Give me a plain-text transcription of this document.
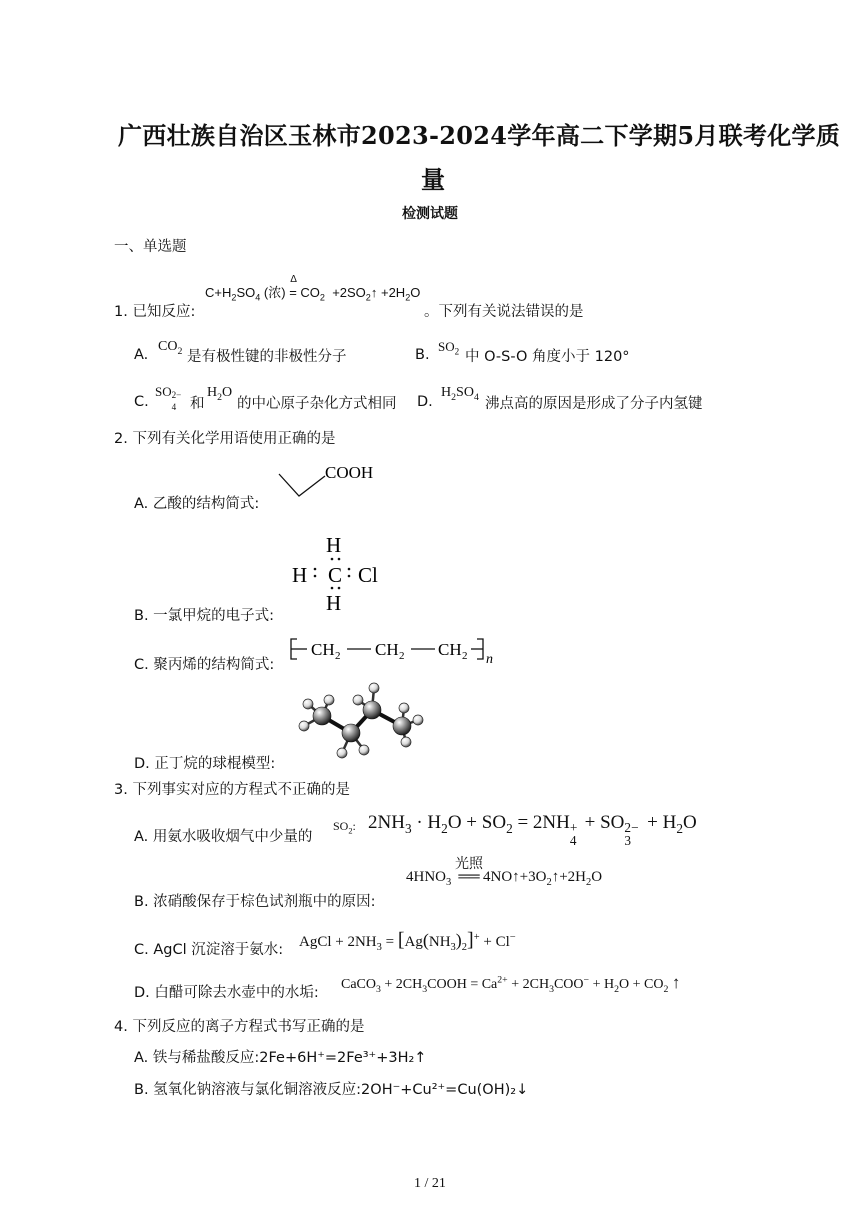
广西壮族自治区玉林市2023-2024学年高二下学期5月联考化学质
量
检测试题
一、单选题
$C+H_2SO_4$ (浓) =
Δ
$CO_2$  $+2SO_2↑ +2H_2O$
1. 已知反应:	。下列有关说法错误的是
A.
$CO_2$ 是有极性键的非极性分子	B.
$SO_2$ 中 O-S-O 角度小于 120°
C.
SO 2−
4 和
$H_2O$
的中心原子杂化方式相同 D.
$H_2SO_4$ 沸点高的原因是形成了分子内氢键
2. 下列有关化学用语使用正确的是
A. 乙酸的结构简式:
COOH
H
H C Cl
H
B. 一氯甲烷的电子式:
C. 聚丙烯的结构简式:
CH 2 CH 2 CH 2 n
D. 正丁烷的球棍模型:
3. 下列事实对应的方程式不正确的是
A. 用氨水吸收烟气中少量的
$SO_2$: $2NH_3 \cdot H_2O + SO_2 = 2NH$ +
4
+ SO 2−
3
+ $H_2O$
$4HNO_3$
光照
══ $4NO↑+3O_2↑+2H_2O$
B. 浓硝酸保存于棕色试剂瓶中的原因:
C. AgCl 沉淀溶于氨水: AgCl + $2NH_3 = [Ag(NH_3)_2]^+ + Cl^-$
D. 白醋可除去水壶中的水垢:
CaCO$_3$ + $2CH_3COOH = Ca^{2+} + 2CH_3COO^- + H_2O + CO_2$ ↑
4. 下列反应的离子方程式书写正确的是
A. 铁与稀盐酸反应:2Fe+6H⁺=2Fe³⁺+3H₂↑
B. 氢氧化钠溶液与氯化铜溶液反应:2OH⁻+Cu²⁺=Cu(OH)₂↓
1 / 21
